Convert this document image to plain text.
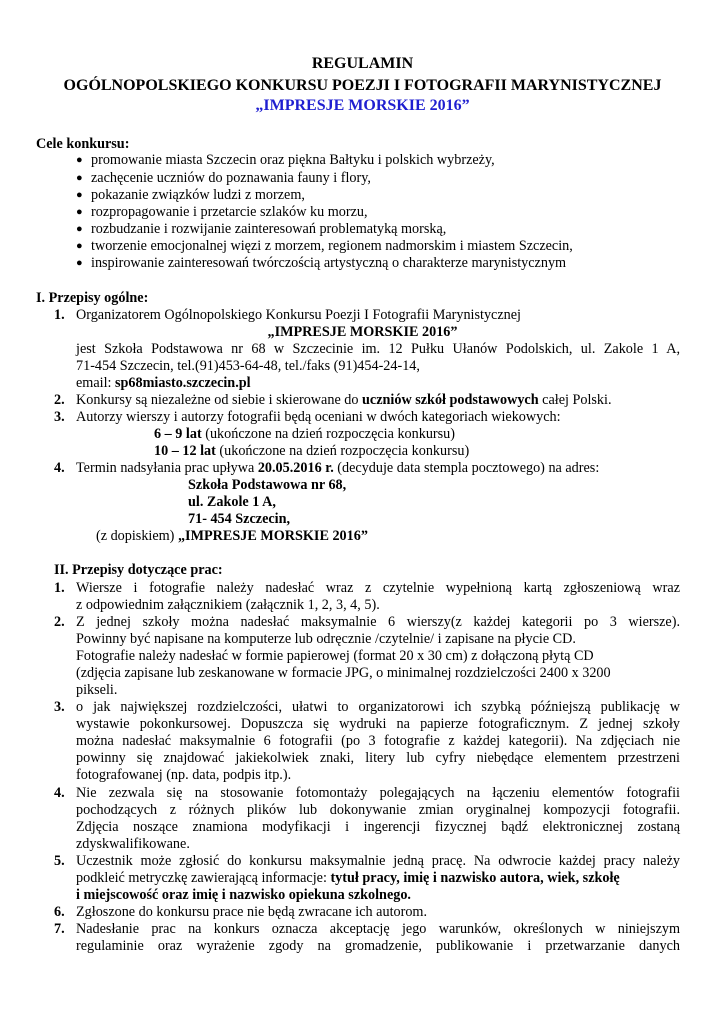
REGULAMIN
OGÓLNOPOLSKIEGO KONKURSU POEZJI I FOTOGRAFII MARYNISTYCZNEJ
„IMPRESJE MORSKIE 2016”
Cele konkursu:
● promowanie miasta Szczecin oraz piękna Bałtyku i polskich wybrzeży,
● zachęcenie uczniów do poznawania fauny i flory,
● pokazanie związków ludzi z morzem,
● rozpropagowanie i przetarcie szlaków ku morzu,
● rozbudzanie i rozwijanie zainteresowań problematyką morską,
● tworzenie emocjonalnej więzi z morzem, regionem nadmorskim i miastem Szczecin,
● inspirowanie zainteresowań twórczością artystyczną o charakterze marynistycznym
I. Przepisy ogólne:
1. Organizatorem Ogólnopolskiego Konkursu Poezji I Fotografii Marynistycznej
„IMPRESJE MORSKIE 2016”
jest Szkoła Podstawowa nr 68 w Szczecinie im. 12 Pułku Ułanów Podolskich, ul. Zakole 1 A,
71-454 Szczecin, tel.(91)453-64-48, tel./faks (91)454-24-14,
email: sp68miasto.szczecin.pl
2. Konkursy są niezależne od siebie i skierowane do uczniów szkół podstawowych całej Polski.
3. Autorzy wierszy i autorzy fotografii będą oceniani w dwóch kategoriach wiekowych:
6 – 9 lat (ukończone na dzień rozpoczęcia konkursu)
10 – 12 lat (ukończone na dzień rozpoczęcia konkursu)
4. Termin nadsyłania prac upływa 20.05.2016 r. (decyduje data stempla pocztowego) na adres:
Szkoła Podstawowa nr 68,
ul. Zakole 1 A,
71- 454 Szczecin,
(z dopiskiem) „IMPRESJE MORSKIE 2016”
II. Przepisy dotyczące prac:
1. Wiersze i fotografie należy nadesłać wraz z czytelnie wypełnioną kartą zgłoszeniową wraz
z odpowiednim załącznikiem (załącznik 1, 2, 3, 4, 5).
2. Z jednej szkoły można nadesłać maksymalnie 6 wierszy(z każdej kategorii po 3 wiersze).
Powinny być napisane na komputerze lub odręcznie /czytelnie/ i zapisane na płycie CD.
Fotografie należy nadesłać w formie papierowej (format 20 x 30 cm) z dołączoną płytą CD
(zdjęcia zapisane lub zeskanowane w formacie JPG, o minimalnej rozdzielczości 2400 x 3200
pikseli.
3. o jak największej rozdzielczości, ułatwi to organizatorowi ich szybką późniejszą publikację w
wystawie pokonkursowej. Dopuszcza się wydruki na papierze fotograficznym. Z jednej szkoły
można nadesłać maksymalnie 6 fotografii (po 3 fotografie z każdej kategorii). Na zdjęciach nie
powinny się znajdować jakiekolwiek znaki, litery lub cyfry niebędące elementem przestrzeni
fotografowanej (np. data, podpis itp.).
4. Nie zezwala się na stosowanie fotomontaży polegających na łączeniu elementów fotografii
pochodzących z różnych plików lub dokonywanie zmian oryginalnej kompozycji fotografii.
Zdjęcia noszące znamiona modyfikacji i ingerencji fizycznej bądź elektronicznej zostaną
zdyskwalifikowane.
5. Uczestnik może zgłosić do konkursu maksymalnie jedną pracę. Na odwrocie każdej pracy należy
podkleić metryczkę zawierającą informacje: tytuł pracy, imię i nazwisko autora, wiek, szkołę
i miejscowość oraz imię i nazwisko opiekuna szkolnego.
6. Zgłoszone do konkursu prace nie będą zwracane ich autorom.
7. Nadesłanie prac na konkurs oznacza akceptację jego warunków, określonych w niniejszym
regulaminie oraz wyrażenie zgody na gromadzenie, publikowanie i przetwarzanie danych
